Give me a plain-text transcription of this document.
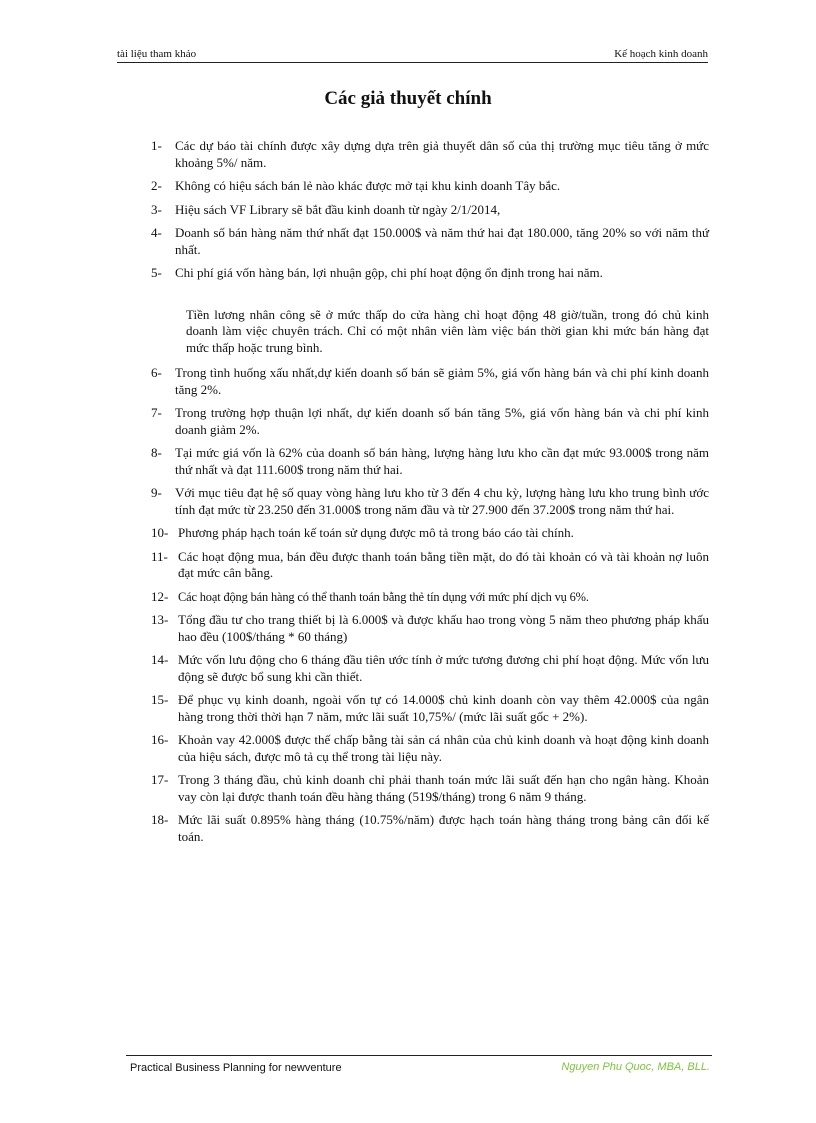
tài liệu tham khảo	Kế hoạch kinh doanh
Các giả thuyết chính
1- Các dự báo tài chính được xây dựng dựa trên giả thuyết dân số của thị trường mục tiêu tăng ở mức khoảng 5%/ năm.
2- Không có hiệu sách bán lẻ nào khác được mở tại khu kinh doanh Tây bắc.
3- Hiệu sách VF Library sẽ bắt đầu kinh doanh từ ngày 2/1/2014,
4- Doanh số bán hàng năm thứ nhất đạt 150.000$ và năm thứ hai đạt 180.000, tăng 20% so với năm thứ nhất.
5- Chi phí giá vốn hàng bán, lợi nhuận gộp, chi phí hoạt động ổn định trong hai năm.
Tiền lương nhân công sẽ ở mức thấp do cửa hàng chỉ hoạt động 48 giờ/tuần, trong đó chủ kinh doanh làm việc chuyên trách. Chỉ có một nhân viên làm việc bán thời gian khi mức bán hàng đạt mức thấp hoặc trung bình.
6- Trong tình huống xấu nhất,dự kiến doanh số bán sẽ giảm 5%, giá vốn hàng bán và chi phí kinh doanh tăng 2%.
7- Trong trường hợp thuận lợi nhất, dự kiến doanh số bán tăng 5%, giá vốn hàng bán và chi phí kinh doanh giảm 2%.
8- Tại mức giá vốn là 62% của doanh số bán hàng, lượng hàng lưu kho cần đạt mức 93.000$ trong năm thứ nhất và đạt 111.600$ trong năm thứ hai.
9- Với mục tiêu đạt hệ số quay vòng hàng lưu kho từ 3 đến 4 chu kỳ, lượng hàng lưu kho trung bình ước tính đạt mức từ 23.250 đến 31.000$ trong năm đầu và từ 27.900 đến 37.200$ trong năm thứ hai.
10- Phương pháp hạch toán kế toán sử dụng được mô tả trong báo cáo tài chính.
11- Các hoạt động mua, bán đều được thanh toán bằng tiền mặt, do đó tài khoản có và tài khoản nợ luôn đạt mức cân bằng.
12- Các hoạt động bán hàng có thể thanh toán bằng thẻ tín dụng với mức phí dịch vụ 6%.
13- Tổng đầu tư cho trang thiết bị là 6.000$ và được khấu hao trong vòng 5 năm theo phương pháp khấu hao đều (100$/tháng * 60 tháng)
14- Mức vốn lưu động cho 6 tháng đầu tiên ước tính ở mức tương đương chi phí hoạt động. Mức vốn lưu động sẽ được bổ sung khi cần thiết.
15- Để phục vụ kinh doanh, ngoài vốn tự có 14.000$ chủ kinh doanh còn vay thêm 42.000$ của ngân hàng trong thời thời hạn 7 năm, mức lãi suất 10,75%/ (mức lãi suất gốc + 2%).
16- Khoản vay 42.000$ được thế chấp bằng tài sản cá nhân của chủ kinh doanh và hoạt động kinh doanh của hiệu sách, được mô tả cụ thể trong tài liệu này.
17- Trong 3 tháng đầu, chủ kinh doanh chỉ phải thanh toán mức lãi suất đến hạn cho ngân hàng. Khoản vay còn lại được thanh toán đều hàng tháng (519$/tháng) trong 6 năm 9 tháng.
18- Mức lãi suất 0.895% hàng tháng (10.75%/năm) được hạch toán hàng tháng trong bảng cân đối kế toán.
Practical Business Planning for newventure	Nguyen Phu Quoc, MBA, BLL.
